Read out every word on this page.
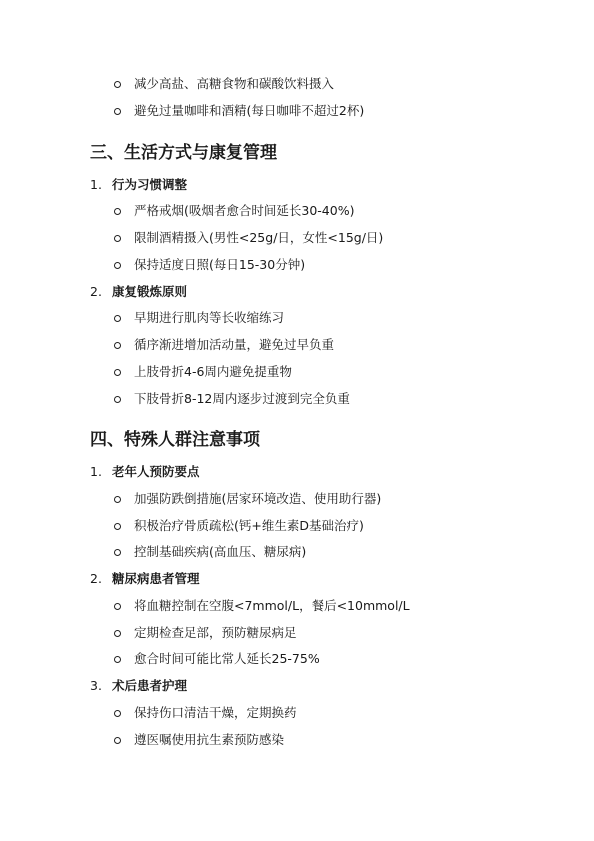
减少高盐、高糖食物和碳酸饮料摄入
避免过量咖啡和酒精(每日咖啡不超过2杯)
三、生活方式与康复管理
1. 行为习惯调整
严格戒烟(吸烟者愈合时间延长30-40%)
限制酒精摄入(男性<25g/日，女性<15g/日)
保持适度日照(每日15-30分钟)
2. 康复锻炼原则
早期进行肌肉等长收缩练习
循序渐进增加活动量，避免过早负重
上肢骨折4-6周内避免提重物
下肢骨折8-12周内逐步过渡到完全负重
四、特殊人群注意事项
1. 老年人预防要点
加强防跌倒措施(居家环境改造、使用助行器)
积极治疗骨质疏松(钙+维生素D基础治疗)
控制基础疾病(高血压、糖尿病)
2. 糖尿病患者管理
将血糖控制在空腹<7mmol/L，餐后<10mmol/L
定期检查足部，预防糖尿病足
愈合时间可能比常人延长25-75%
3. 术后患者护理
保持伤口清洁干燥，定期换药
遵医嘱使用抗生素预防感染
